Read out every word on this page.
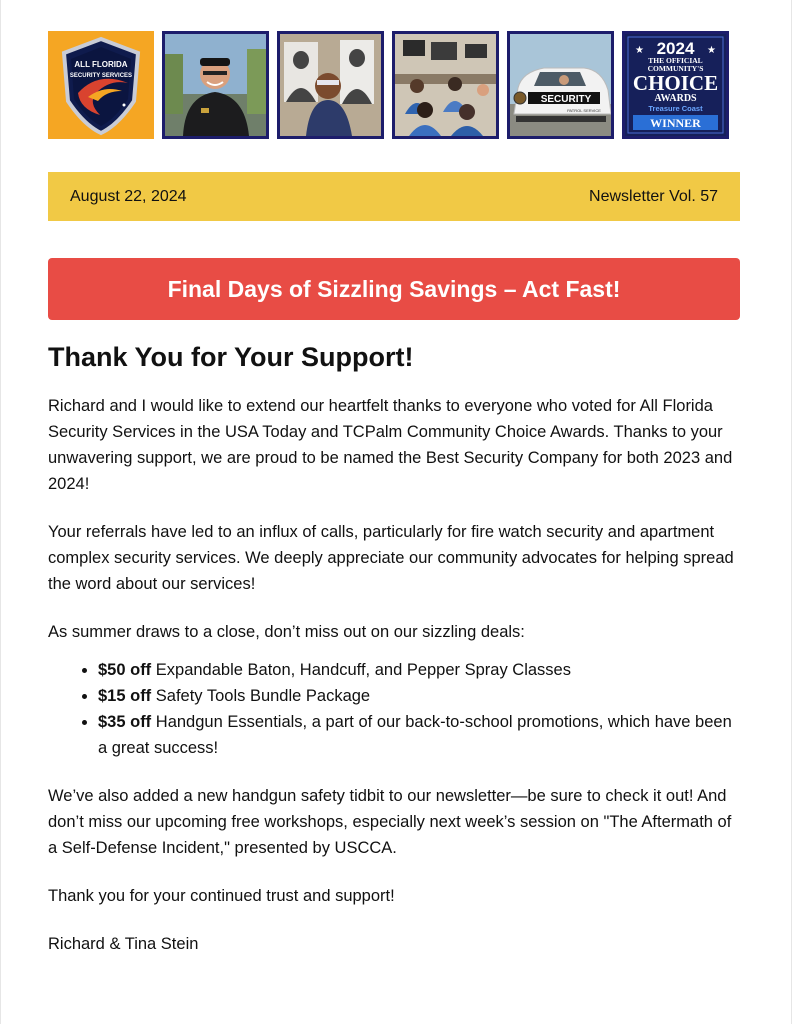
ALL FLORIDA
SECURITY SERVICES
SECURITY
PATROL SERVICE
★	★
2024
THE OFFICIAL
COMMUNITY'S
CHOICE
AWARDS
Treasure Coast
WINNER
August 22, 2024	Newsletter Vol. 57
Final Days of Sizzling Savings – Act Fast!
Thank You for Your Support!

Richard and I would like to extend our heartfelt thanks to everyone who voted for All Florida Security Services in the USA Today and TCPalm Community Choice Awards. Thanks to your unwavering support, we are proud to be named the Best Security Company for both 2023 and 2024!

Your referrals have led to an influx of calls, particularly for fire watch security and apartment complex security services. We deeply appreciate our community advocates for helping spread the word about our services!

As summer draws to a close, don’t miss out on our sizzling deals:

• $50 off Expandable Baton, Handcuff, and Pepper Spray Classes
• $15 off Safety Tools Bundle Package
• $35 off Handgun Essentials, a part of our back-to-school promotions, which have been a great success!

We’ve also added a new handgun safety tidbit to our newsletter—be sure to check it out! And don’t miss our upcoming free workshops, especially next week’s session on "The Aftermath of a Self-Defense Incident," presented by USCCA.

Thank you for your continued trust and support!

Richard & Tina Stein
